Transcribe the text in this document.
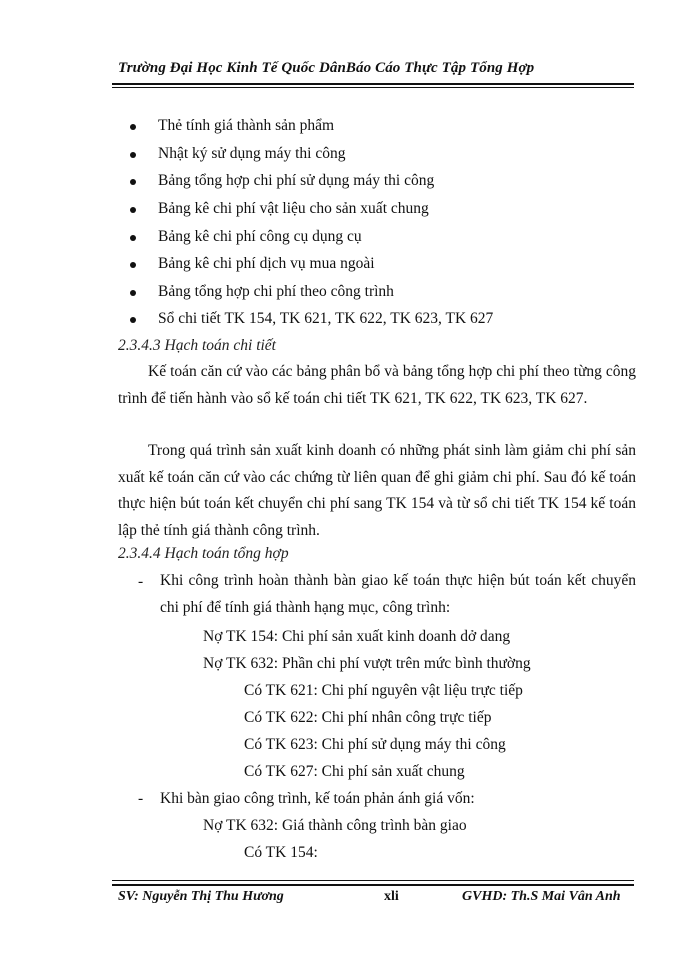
Trường Đại Học Kinh Tế Quốc DânBáo Cáo Thực Tập Tổng Hợp
Thẻ tính giá thành sản phẩm
Nhật ký sử dụng máy thi công
Bảng tổng hợp chi phí sử dụng máy thi công
Bảng kê chi phí vật liệu cho sản xuất chung
Bảng kê chi phí công cụ dụng cụ
Bảng kê chi phí dịch vụ mua ngoài
Bảng tổng hợp chi phí theo công trình
Sổ chi tiết TK 154, TK 621, TK 622, TK 623, TK 627
2.3.4.3 Hạch toán chi tiết
Kế toán căn cứ vào các bảng phân bổ và bảng tổng hợp chi phí theo từng công trình để tiến hành vào sổ kế toán chi tiết TK 621, TK 622, TK 623, TK 627.
Trong quá trình sản xuất kinh doanh có những phát sinh làm giảm chi phí sản xuất kế toán căn cứ vào các chứng từ liên quan để ghi giảm chi phí. Sau đó kế toán thực hiện bút toán kết chuyển chi phí sang TK 154 và từ sổ chi tiết TK 154 kế toán lập thẻ tính giá thành công trình.
2.3.4.4 Hạch toán tổng hợp
- Khi công trình hoàn thành bàn giao kế toán thực hiện bút toán kết chuyển chi phí để tính giá thành hạng mục, công trình:
Nợ TK 154: Chi phí sản xuất kinh doanh dở dang
Nợ TK 632: Phần chi phí vượt trên mức bình thường
Có TK 621: Chi phí nguyên vật liệu trực tiếp
Có TK 622: Chi phí nhân công trực tiếp
Có TK 623: Chi phí sử dụng máy thi công
Có TK 627: Chi phí sản xuất chung
- Khi bàn giao công trình, kế toán phản ánh giá vốn:
Nợ TK 632: Giá thành công trình bàn giao
Có TK 154:
SV: Nguyễn Thị Thu Hương	xli	GVHD: Th.S Mai Vân Anh
